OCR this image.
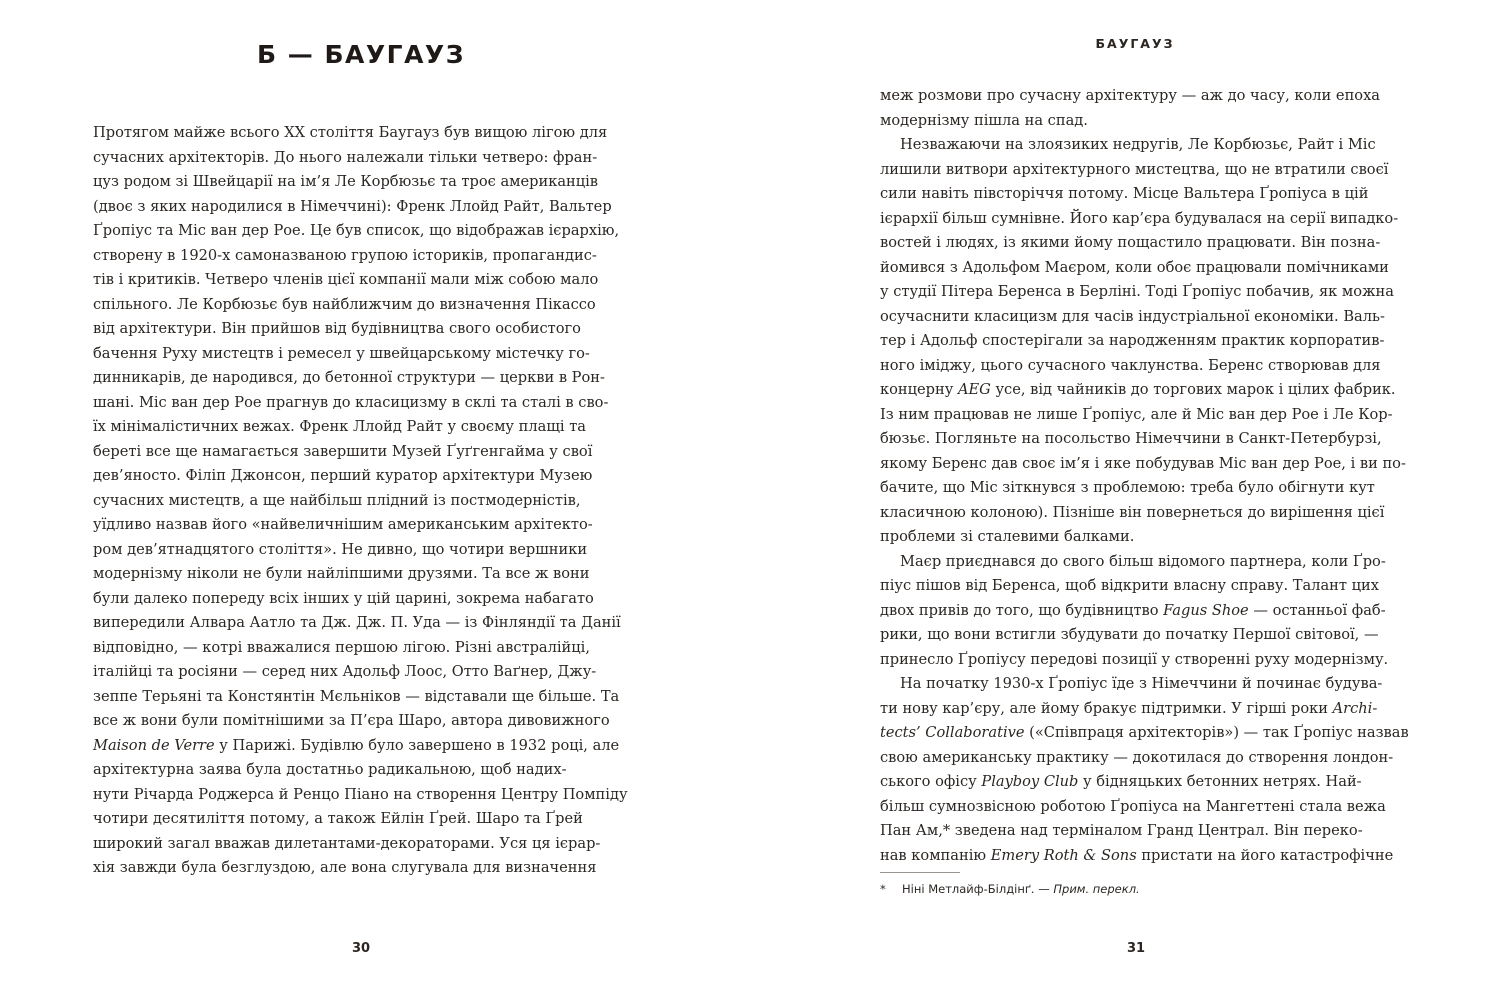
Б — БАУГАУЗ
Протягом майже всього XX століття Баугауз був вищою лігою для
сучасних архітекторів. До нього належали тільки четверо: фран-
цуз родом зі Швейцарії на ім’я Ле Корбюзьє та троє американців
(двоє з яких народилися в Німеччині): Френк Ллойд Райт, Вальтер
Ґропіус та Міс ван дер Рое. Це був список, що відображав ієрархію,
створену в 1920-х самоназваною групою істориків, пропагандис-
тів і критиків. Четверо членів цієї компанії мали між собою мало
спільного. Ле Корбюзьє був найближчим до визначення Пікассо
від архітектури. Він прийшов від будівництва свого особистого
бачення Руху мистецтв і ремесел у швейцарському містечку го-
динникарів, де народився, до бетонної структури — церкви в Рон-
шані. Міс ван дер Рое прагнув до класицизму в склі та сталі в сво-
їх мінімалістичних вежах. Френк Ллойд Райт у своєму плащі та
береті все ще намагається завершити Музей Ґуґгенгайма у свої
дев’яносто. Філіп Джонсон, перший куратор архітектури Музею
сучасних мистецтв, а ще найбільш плідний із постмодерністів,
уїдливо назвав його «найвеличнішим американським архітекто-
ром дев’ятнадцятого століття». Не дивно, що чотири вершники
модернізму ніколи не були найліпшими друзями. Та все ж вони
були далеко попереду всіх інших у цій царині, зокрема набагато
випередили Алвара Аатло та Дж. Дж. П. Уда — із Фінляндії та Данії
відповідно, — котрі вважалися першою лігою. Різні австралійці,
італійці та росіяни — серед них Адольф Лоос, Отто Ваґнер, Джу-
зеппе Терьяні та Констянтін Мєльніков — відставали ще більше. Та
все ж вони були помітнішими за П’єра Шаро, автора дивовижного
Maison de Verre у Парижі. Будівлю було завершено в 1932 році, але
архітектурна заява була достатньо радикальною, щоб надих-
нути Річарда Роджерса й Ренцо Піано на створення Центру Помпіду
чотири десятиліття потому, а також Ейлін Ґрей. Шаро та Ґрей
широкий загал вважав дилетантами-декораторами. Уся ця ієрар-
хія завжди була безглуздою, але вона слугувала для визначення
30
БАУГАУЗ
меж розмови про сучасну архітектуру — аж до часу, коли епоха
модернізму пішла на спад.
Незважаючи на злоязиких недругів, Ле Корбюзьє, Райт і Міс
лишили витвори архітектурного мистецтва, що не втратили своєї
сили навіть півсторіччя потому. Місце Вальтера Ґропіуса в цій
ієрархії більш сумнівне. Його кар’єра будувалася на серії випадко-
востей і людях, із якими йому пощастило працювати. Він позна-
йомився з Адольфом Маєром, коли обоє працювали помічниками
у студії Пітера Беренса в Берліні. Тоді Ґропіус побачив, як можна
осучаснити класицизм для часів індустріальної економіки. Валь-
тер і Адольф спостерігали за народженням практик корпоратив-
ного іміджу, цього сучасного чаклунства. Беренс створював для
концерну AEG усе, від чайників до торгових марок і цілих фабрик.
Із ним працював не лише Ґропіус, але й Міс ван дер Рое і Ле Кор-
бюзьє. Погляньте на посольство Німеччини в Санкт-Петербурзі,
якому Беренс дав своє ім’я і яке побудував Міс ван дер Рое, і ви по-
бачите, що Міс зіткнувся з проблемою: треба було обігнути кут
класичною колоною). Пізніше він повернеться до вирішення цієї
проблеми зі сталевими балками.
Маєр приєднався до свого більш відомого партнера, коли Ґро-
піус пішов від Беренса, щоб відкрити власну справу. Талант цих
двох привів до того, що будівництво Fagus Shoe — останньої фаб-
рики, що вони встигли збудувати до початку Першої світової, —
принесло Ґропіусу передові позиції у створенні руху модернізму.
На початку 1930-х Ґропіус їде з Німеччини й починає будува-
ти нову кар’єру, але йому бракує підтримки. У гірші роки Archi-
tects’ Collaborative («Співпраця архітекторів») — так Ґропіус назвав
свою американську практику — докотилася до створення лондон-
ського офісу Playboy Club у бідняцьких бетонних нетрях. Най-
більш сумнозвісною роботою Ґропіуса на Мангеттені стала вежа
Пан Ам,* зведена над терміналом Гранд Централ. Він переко-
нав компанію Emery Roth & Sons пристати на його катастрофічне
* Ніні Метлайф-Білдінґ. — Прим. перекл.
31
